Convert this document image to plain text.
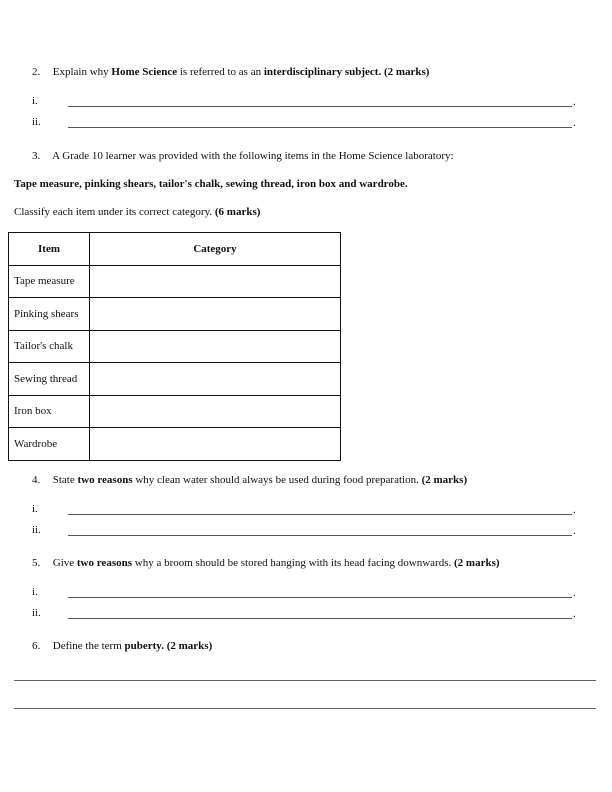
2. Explain why Home Science is referred to as an interdisciplinary subject. (2 marks)
i.	.
ii.	.
3. A Grade 10 learner was provided with the following items in the Home Science laboratory:
Tape measure, pinking shears, tailor's chalk, sewing thread, iron box and wardrobe.
Classify each item under its correct category. (6 marks)
Item	Category
Tape measure	
Pinking shears	
Tailor's chalk	
Sewing thread	
Iron box	
Wardrobe	
4. State two reasons why clean water should always be used during food preparation. (2 marks)
i.	.
ii.	.
5. Give two reasons why a broom should be stored hanging with its head facing downwards. (2 marks)
i.	.
ii.	.
6. Define the term puberty. (2 marks)
